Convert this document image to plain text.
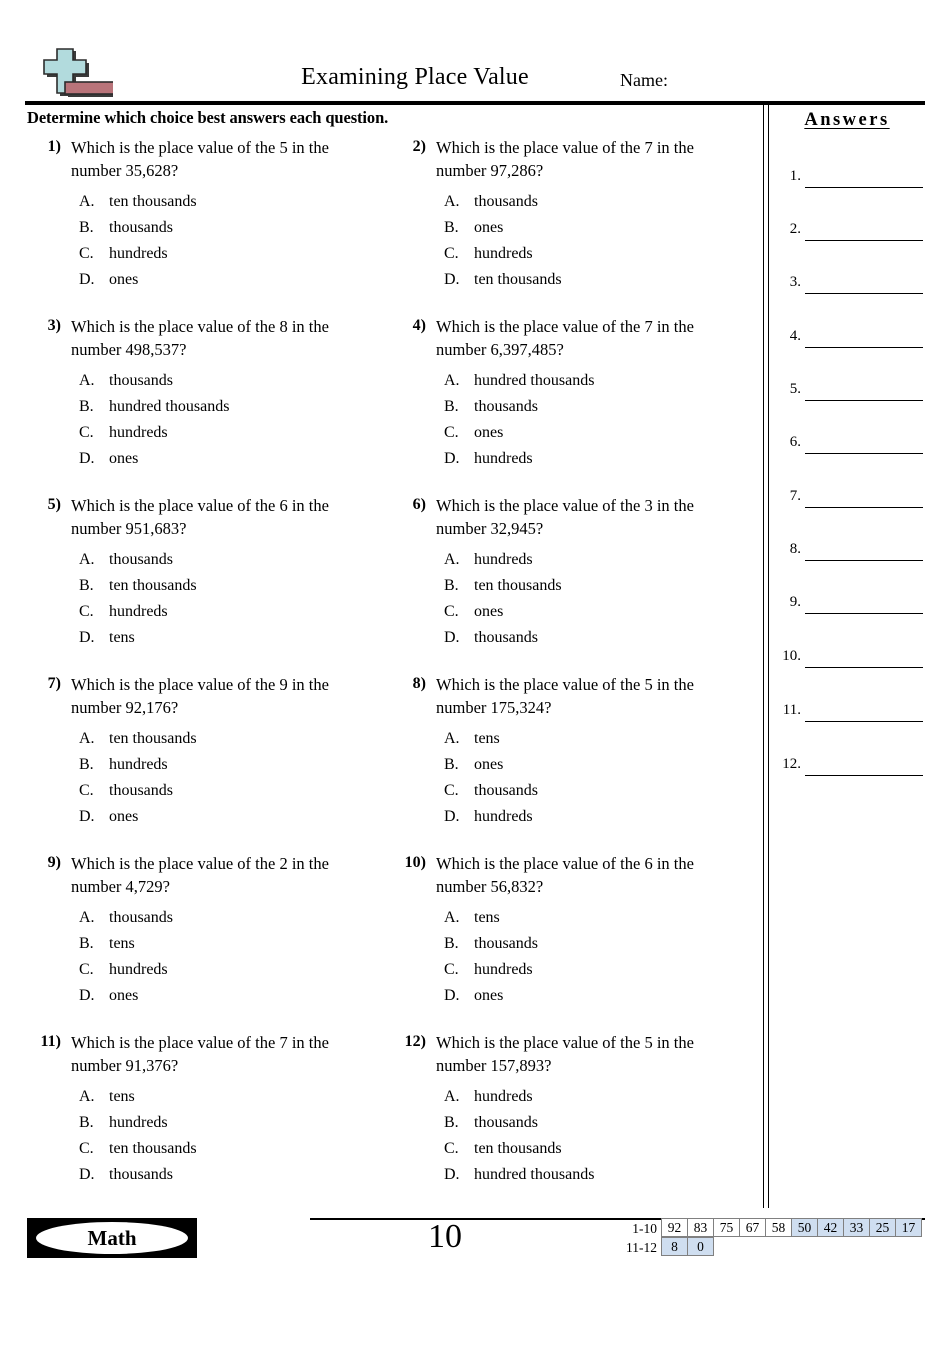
Examining Place Value	Name:
Determine which choice best answers each question.
1) Which is the place value of the 5 in the number 35,628?
A. ten thousands
B. thousands
C. hundreds
D. ones
2) Which is the place value of the 7 in the number 97,286?
A. thousands
B. ones
C. hundreds
D. ten thousands
3) Which is the place value of the 8 in the number 498,537?
A. thousands
B. hundred thousands
C. hundreds
D. ones
4) Which is the place value of the 7 in the number 6,397,485?
A. hundred thousands
B. thousands
C. ones
D. hundreds
5) Which is the place value of the 6 in the number 951,683?
A. thousands
B. ten thousands
C. hundreds
D. tens
6) Which is the place value of the 3 in the number 32,945?
A. hundreds
B. ten thousands
C. ones
D. thousands
7) Which is the place value of the 9 in the number 92,176?
A. ten thousands
B. hundreds
C. thousands
D. ones
8) Which is the place value of the 5 in the number 175,324?
A. tens
B. ones
C. thousands
D. hundreds
9) Which is the place value of the 2 in the number 4,729?
A. thousands
B. tens
C. hundreds
D. ones
10) Which is the place value of the 6 in the number 56,832?
A. tens
B. thousands
C. hundreds
D. ones
11) Which is the place value of the 7 in the number 91,376?
A. tens
B. hundreds
C. ten thousands
D. thousands
12) Which is the place value of the 5 in the number 157,893?
A. hundreds
B. thousands
C. ten thousands
D. hundred thousands
Answers
1.
2.
3.
4.
5.
6.
7.
8.
9.
10.
11.
12.
Math	10	1-10 92 83 75 67 58 50 42 33 25 17
11-12	8	0
